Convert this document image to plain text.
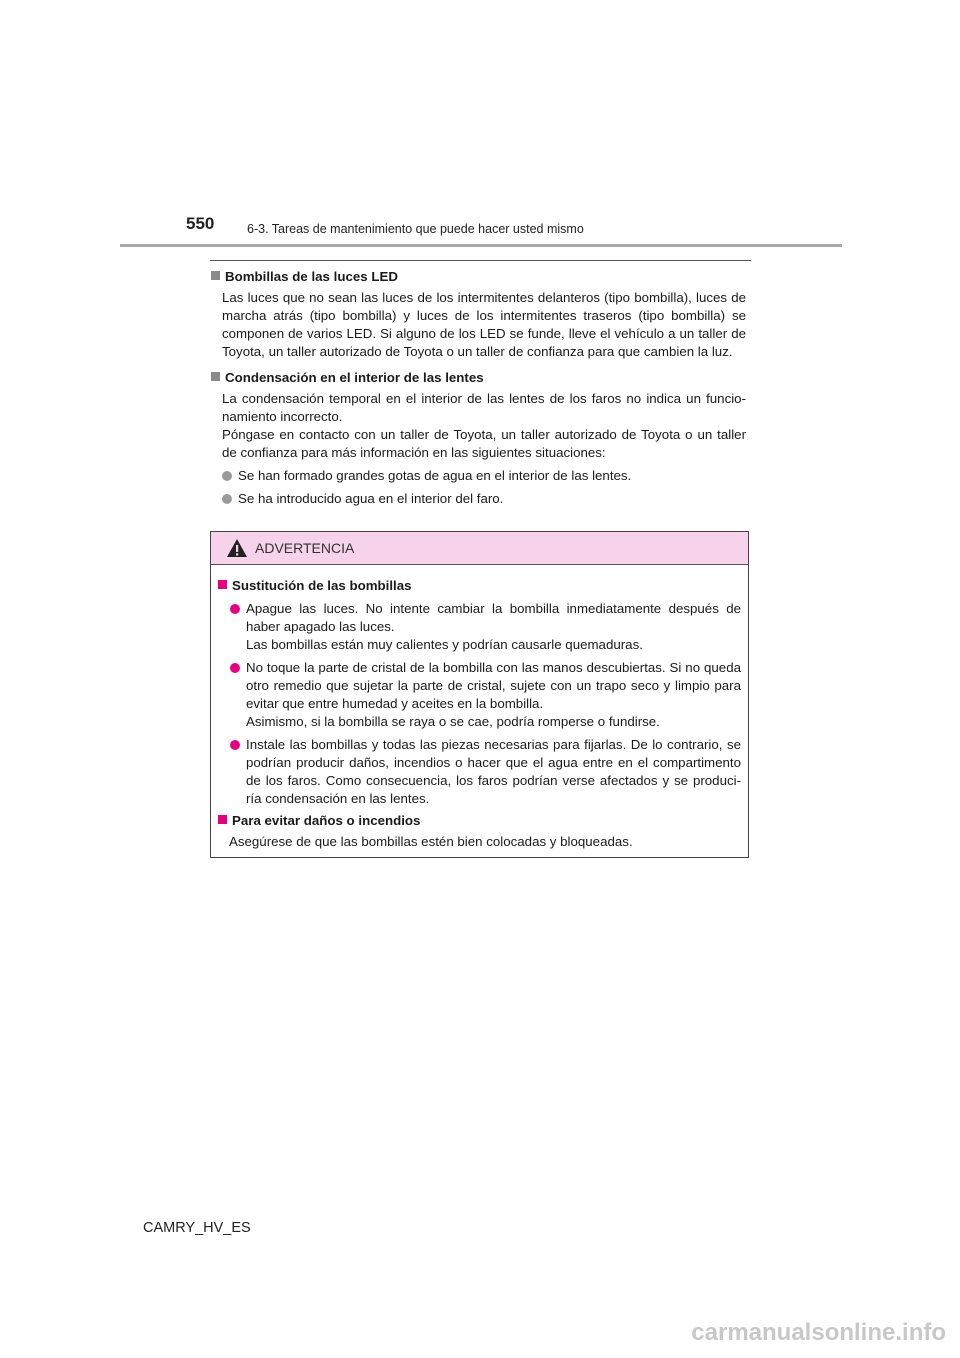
550	6-3. Tareas de mantenimiento que puede hacer usted mismo

Bombillas de las luces LED

Las luces que no sean las luces de los intermitentes delanteros (tipo bombilla), luces de marcha atrás (tipo bombilla) y luces de los intermitentes traseros (tipo bombilla) se componen de varios LED. Si alguno de los LED se funde, lleve el vehículo a un taller de Toyota, un taller autorizado de Toyota o un taller de confianza para que cambien la luz.

Condensación en el interior de las lentes

La condensación temporal en el interior de las lentes de los faros no indica un funcio-namiento incorrecto.

Póngase en contacto con un taller de Toyota, un taller autorizado de Toyota o un taller de confianza para más información en las siguientes situaciones:

Se han formado grandes gotas de agua en el interior de las lentes.
Se ha introducido agua en el interior del faro.
ADVERTENCIA

Sustitución de las bombillas

Apague las luces. No intente cambiar la bombilla inmediatamente después de haber apagado las luces.
Las bombillas están muy calientes y podrían causarle quemaduras.
No toque la parte de cristal de la bombilla con las manos descubiertas. Si no queda otro remedio que sujetar la parte de cristal, sujete con un trapo seco y limpio para evitar que entre humedad y aceites en la bombilla.
Asimismo, si la bombilla se raya o se cae, podría romperse o fundirse.
Instale las bombillas y todas las piezas necesarias para fijarlas. De lo contrario, se podrían producir daños, incendios o hacer que el agua entre en el compartimento de los faros. Como consecuencia, los faros podrían verse afectados y se produci-ría condensación en las lentes.

Para evitar daños o incendios

Asegúrese de que las bombillas estén bien colocadas y bloqueadas.

CAMRY_HV_ES
carmanualsonline.info
